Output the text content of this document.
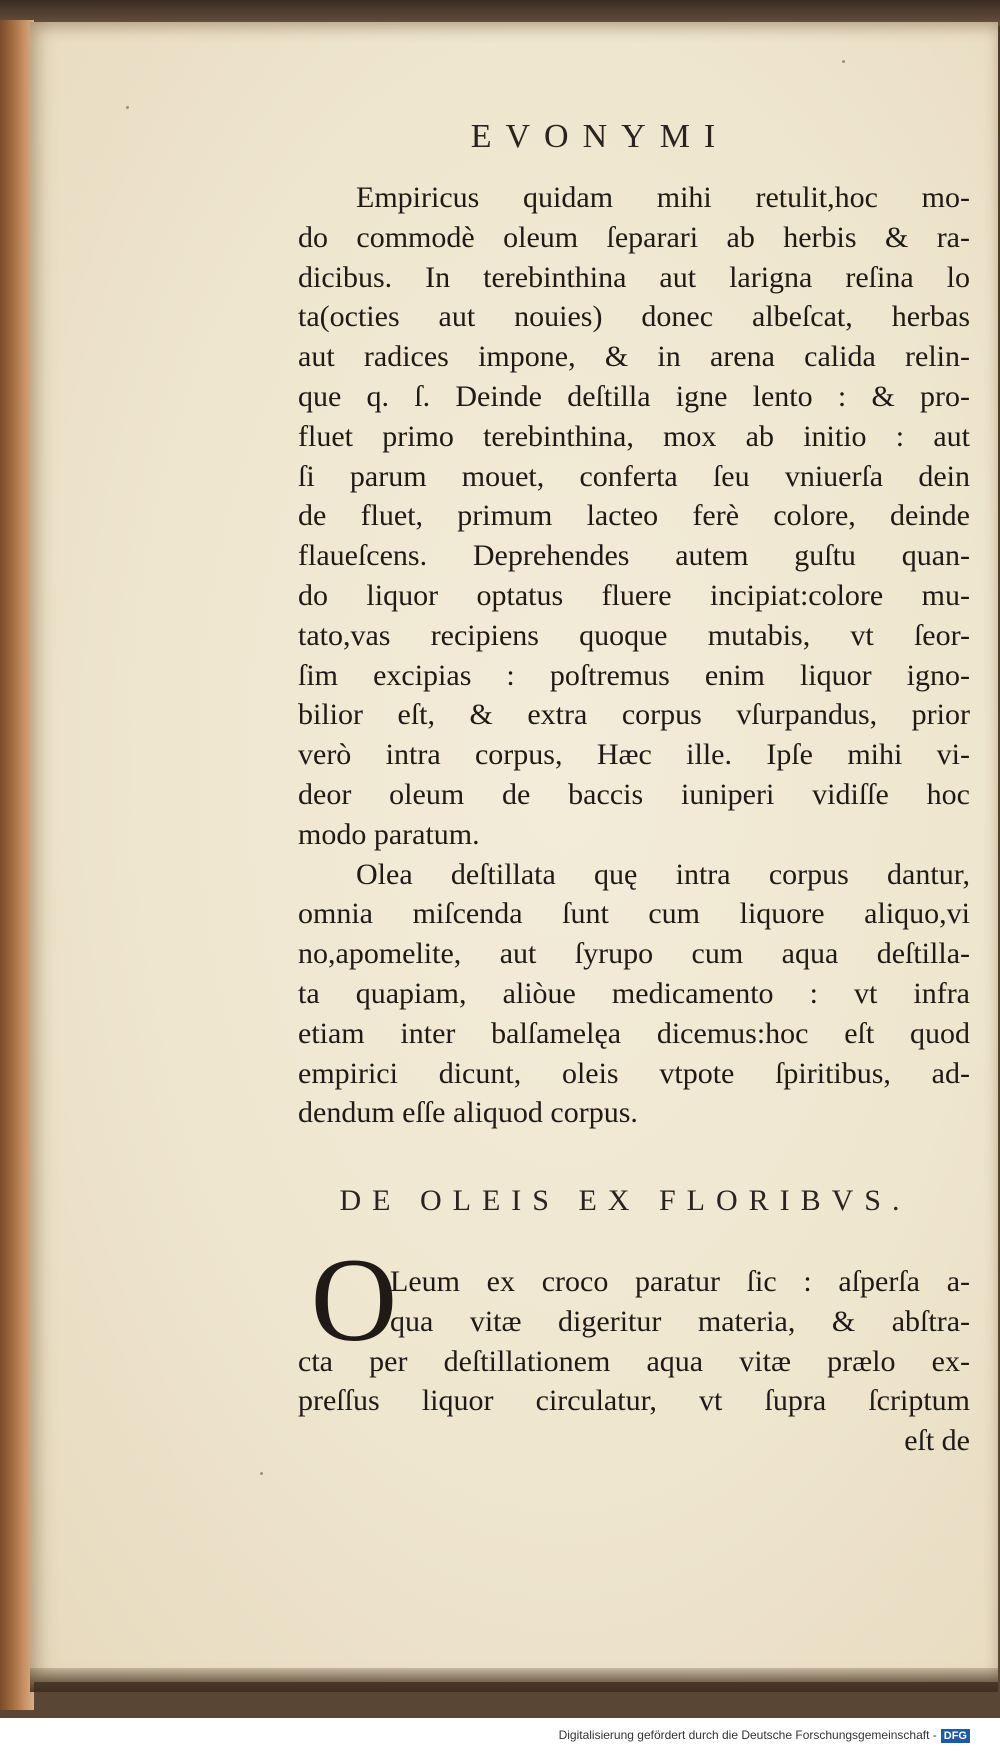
EVONYMI
Empiricus quidam mihi retulit,hoc mo-
do commodè oleum ſeparari ab herbis & ra-
dicibus. In terebinthina aut larigna reſina lo
ta(octies aut nouies) donec albeſcat, herbas
aut radices impone, & in arena calida relin-
que q. ſ. Deinde deſtilla igne lento : & pro-
fluet primo terebinthina, mox ab initio : aut
ſi parum mouet, conferta ſeu vniuerſa dein
de fluet, primum lacteo ferè colore, deinde
flaueſcens. Deprehendes autem guſtu quan-
do liquor optatus fluere incipiat:colore mu-
tato,vas recipiens quoque mutabis, vt ſeor-
ſim excipias : poſtremus enim liquor igno-
bilior eſt, & extra corpus vſurpandus, prior
verò intra corpus, Hæc ille. Ipſe mihi vi-
deor oleum de baccis iuniperi vidiſſe hoc
modo paratum.
Olea deſtillata quę intra corpus dantur,
omnia miſcenda ſunt cum liquore aliquo,vi
no,apomelite, aut ſyrupo cum aqua deſtilla-
ta quapiam, aliòue medicamento : vt infra
etiam inter balſamelęa dicemus:hoc eſt quod
empirici dicunt, oleis vtpote ſpiritibus, ad-
dendum eſſe aliquod corpus.
DE OLEIS EX FLORIBVS.
O
Leum ex croco paratur ſic : aſperſa a-
qua vitæ digeritur materia, & abſtra-
cta per deſtillationem aqua vitæ prælo ex-
preſſus liquor circulatur, vt ſupra ſcriptum
eſt de
Digitalisierung gefördert durch die Deutsche Forschungsgemeinschaft - DFG
